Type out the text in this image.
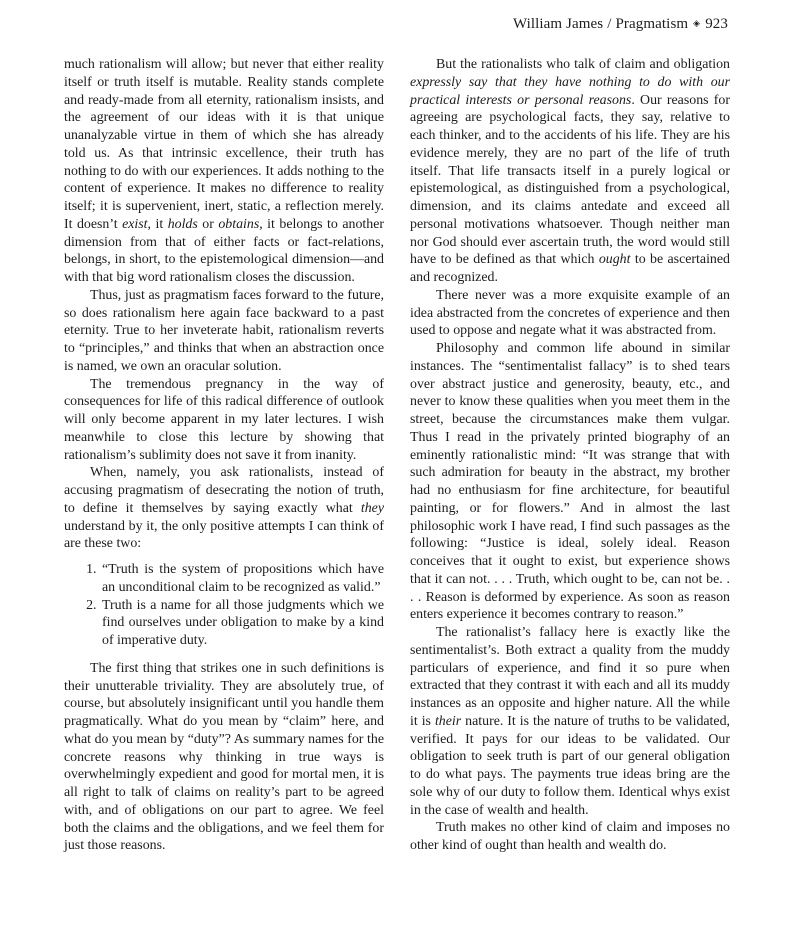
William James / Pragmatism ◈ 923

much rationalism will allow; but never that either reality itself or truth itself is mutable. Reality stands complete and ready-made from all eternity, rationalism insists, and the agreement of our ideas with it is that unique unanalyzable virtue in them of which she has already told us. As that intrinsic excellence, their truth has nothing to do with our experiences. It adds nothing to the content of experience. It makes no difference to reality itself; it is supervenient, inert, static, a reflection merely. It doesn’t exist, it holds or obtains, it belongs to another dimension from that of either facts or fact-relations, belongs, in short, to the epistemological dimension—and with that big word rationalism closes the discussion.

Thus, just as pragmatism faces forward to the future, so does rationalism here again face backward to a past eternity. True to her inveterate habit, rationalism reverts to “principles,” and thinks that when an abstraction once is named, we own an oracular solution.

The tremendous pregnancy in the way of consequences for life of this radical difference of outlook will only become apparent in my later lectures. I wish meanwhile to close this lecture by showing that rationalism’s sublimity does not save it from inanity.

When, namely, you ask rationalists, instead of accusing pragmatism of desecrating the notion of truth, to define it themselves by saying exactly what they understand by it, the only positive attempts I can think of are these two:

1. “Truth is the system of propositions which have an unconditional claim to be recognized as valid.”
2. Truth is a name for all those judgments which we find ourselves under obligation to make by a kind of imperative duty.

The first thing that strikes one in such definitions is their unutterable triviality. They are absolutely true, of course, but absolutely insignificant until you handle them pragmatically. What do you mean by “claim” here, and what do you mean by “duty”? As summary names for the concrete reasons why thinking in true ways is overwhelmingly expedient and good for mortal men, it is all right to talk of claims on reality’s part to be agreed with, and of obligations on our part to agree. We feel both the claims and the obligations, and we feel them for just those reasons.

But the rationalists who talk of claim and obligation expressly say that they have nothing to do with our practical interests or personal reasons. Our reasons for agreeing are psychological facts, they say, relative to each thinker, and to the accidents of his life. They are his evidence merely, they are no part of the life of truth itself. That life transacts itself in a purely logical or epistemological, as distinguished from a psychological, dimension, and its claims antedate and exceed all personal motivations whatsoever. Though neither man nor God should ever ascertain truth, the word would still have to be defined as that which ought to be ascertained and recognized.

There never was a more exquisite example of an idea abstracted from the concretes of experience and then used to oppose and negate what it was abstracted from.

Philosophy and common life abound in similar instances. The “sentimentalist fallacy” is to shed tears over abstract justice and generosity, beauty, etc., and never to know these qualities when you meet them in the street, because the circumstances make them vulgar. Thus I read in the privately printed biography of an eminently rationalistic mind: “It was strange that with such admiration for beauty in the abstract, my brother had no enthusiasm for fine architecture, for beautiful painting, or for flowers.” And in almost the last philosophic work I have read, I find such passages as the following: “Justice is ideal, solely ideal. Reason conceives that it ought to exist, but experience shows that it can not. . . . Truth, which ought to be, can not be. . . . Reason is deformed by experience. As soon as reason enters experience it becomes contrary to reason.”

The rationalist’s fallacy here is exactly like the sentimentalist’s. Both extract a quality from the muddy particulars of experience, and find it so pure when extracted that they contrast it with each and all its muddy instances as an opposite and higher nature. All the while it is their nature. It is the nature of truths to be validated, verified. It pays for our ideas to be validated. Our obligation to seek truth is part of our general obligation to do what pays. The payments true ideas bring are the sole why of our duty to follow them. Identical whys exist in the case of wealth and health.

Truth makes no other kind of claim and imposes no other kind of ought than health and wealth do.
